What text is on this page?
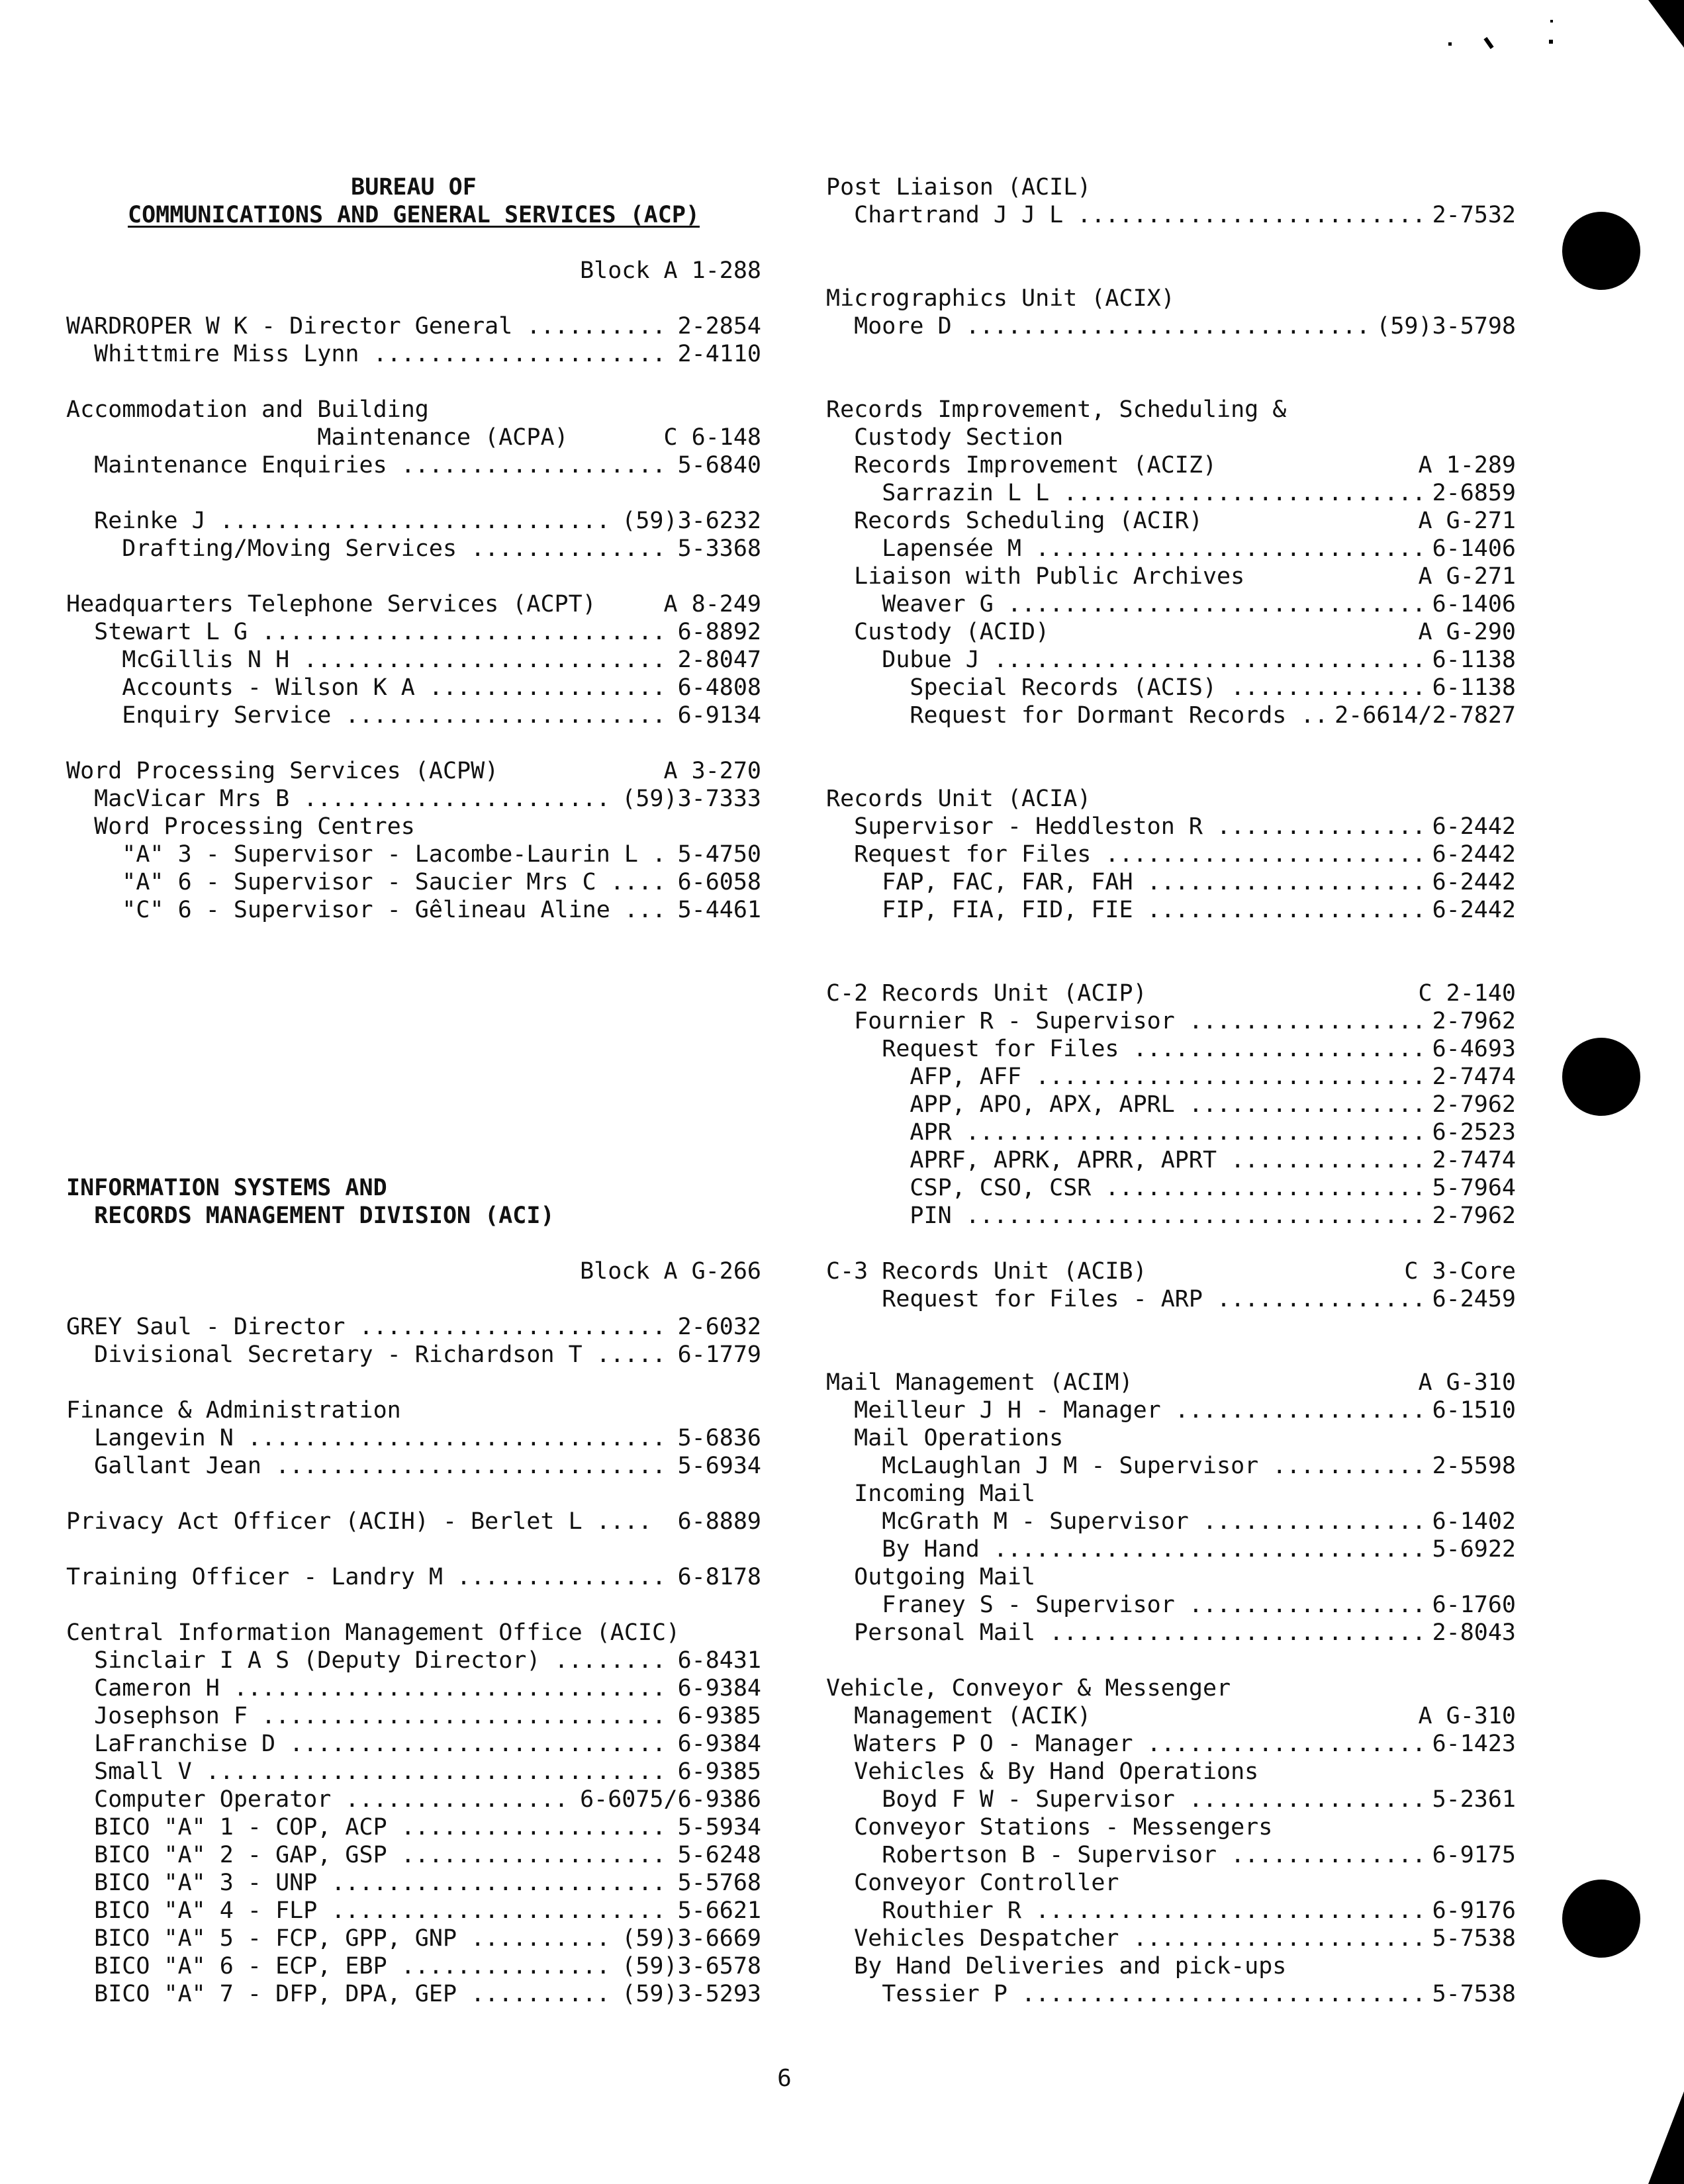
BUREAU OF
COMMUNICATIONS AND GENERAL SERVICES (ACP)
Block A 1-288
WARDROPER W K - Director General .......... 2-2854
Whittmire Miss Lynn ..................... 2-4110
Accommodation and Building
Maintenance (ACPA)	C 6-148
Maintenance Enquiries ................... 5-6840
Reinke J ............................ (59)3-6232
Drafting/Moving Services .............. 5-3368
Headquarters Telephone Services (ACPT)	A 8-249
Stewart L G ............................. 6-8892
McGillis N H .......................... 2-8047
Accounts - Wilson K A ................. 6-4808
Enquiry Service ....................... 6-9134
Word Processing Services (ACPW)	A 3-270
MacVicar Mrs B ...................... (59)3-7333
Word Processing Centres
"A" 3 - Supervisor - Lacombe-Laurin L . 5-4750
"A" 6 - Supervisor - Saucier Mrs C .... 6-6058
"C" 6 - Supervisor - Gêlineau Aline ... 5-4461
INFORMATION SYSTEMS AND
RECORDS MANAGEMENT DIVISION (ACI)
Block A G-266
GREY Saul - Director ...................... 2-6032
Divisional Secretary - Richardson T ..... 6-1779
Finance & Administration
Langevin N .............................. 5-6836
Gallant Jean ............................ 5-6934
Privacy Act Officer (ACIH) - Berlet L .... 6-8889
Training Officer - Landry M ............... 6-8178
Central Information Management Office (ACIC)
Sinclair I A S (Deputy Director) ........ 6-8431
Cameron H ............................... 6-9384
Josephson F ............................. 6-9385
LaFranchise D ........................... 6-9384
Small V ................................. 6-9385
Computer Operator ................ 6-6075/6-9386
BICO "A" 1 - COP, ACP ................... 5-5934
BICO "A" 2 - GAP, GSP ................... 5-6248
BICO "A" 3 - UNP ........................ 5-5768
BICO "A" 4 - FLP ........................ 5-6621
BICO "A" 5 - FCP, GPP, GNP .......... (59)3-6669
BICO "A" 6 - ECP, EBP ............... (59)3-6578
BICO "A" 7 - DFP, DPA, GEP .......... (59)3-5293
Post Liaison (ACIL)
Chartrand J J L ......................... 2-7532
Micrographics Unit (ACIX)
Moore D ............................. (59)3-5798
Records Improvement, Scheduling &
Custody Section
Records Improvement (ACIZ)	A 1-289
Sarrazin L L .......................... 2-6859
Records Scheduling (ACIR)	A G-271
Lapensée M ............................ 6-1406
Liaison with Public Archives	A G-271
Weaver G .............................. 6-1406
Custody (ACID)	A G-290
Dubue J ............................... 6-1138
Special Records (ACIS) .............. 6-1138
Request for Dormant Records .. 2-6614/2-7827
Records Unit (ACIA)
Supervisor - Heddleston R ............... 6-2442
Request for Files ....................... 6-2442
FAP, FAC, FAR, FAH .................... 6-2442
FIP, FIA, FID, FIE .................... 6-2442
C-2 Records Unit (ACIP)	C 2-140
Fournier R - Supervisor ................. 2-7962
Request for Files ..................... 6-4693
AFP, AFF ............................ 2-7474
APP, APO, APX, APRL ................. 2-7962
APR ................................. 6-2523
APRF, APRK, APRR, APRT .............. 2-7474
CSP, CSO, CSR ....................... 5-7964
PIN ................................. 2-7962
C-3 Records Unit (ACIB)	C 3-Core
Request for Files - ARP ............... 6-2459
Mail Management (ACIM)	A G-310
Meilleur J H - Manager .................. 6-1510
Mail Operations
McLaughlan J M - Supervisor ........... 2-5598
Incoming Mail
McGrath M - Supervisor ................ 6-1402
By Hand ............................... 5-6922
Outgoing Mail
Franey S - Supervisor ................. 6-1760
Personal Mail ........................... 2-8043
Vehicle, Conveyor & Messenger
Management (ACIK)	A G-310
Waters P O - Manager .................... 6-1423
Vehicles & By Hand Operations
Boyd F W - Supervisor ................. 5-2361
Conveyor Stations - Messengers
Robertson B - Supervisor .............. 6-9175
Conveyor Controller
Routhier R ............................ 6-9176
Vehicles Despatcher ..................... 5-7538
By Hand Deliveries and pick-ups
Tessier P ............................. 5-7538
6
